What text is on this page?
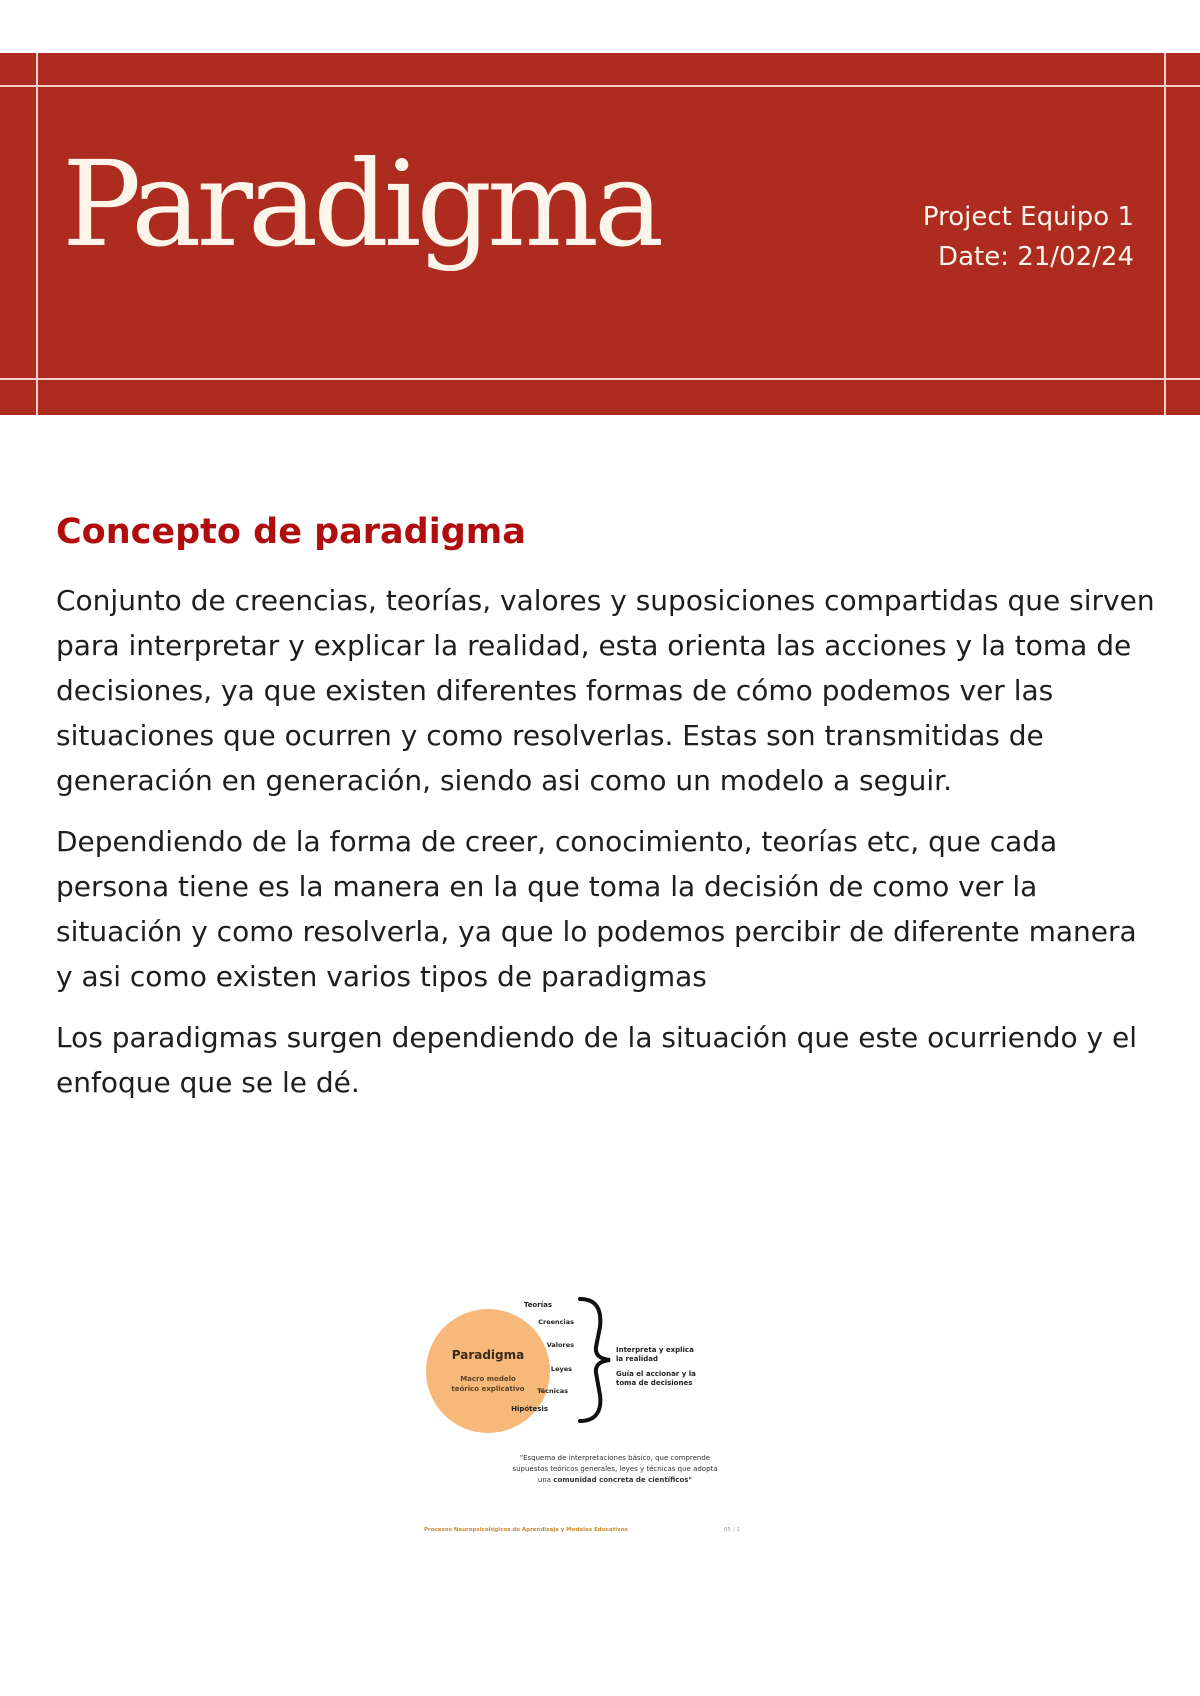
Paradigma	Project Equipo 1
Date: 21/02/24
Concepto de paradigma

Conjunto de creencias, teorías, valores y suposiciones compartidas que sirven para interpretar y explicar la realidad, esta orienta las acciones y la toma de decisiones, ya que existen diferentes formas de cómo podemos ver las situaciones que ocurren y como resolverlas. Estas son transmitidas de generación en generación, siendo asi como un modelo a seguir.

Dependiendo de la forma de creer, conocimiento, teorías etc, que cada persona tiene es la manera en la que toma la decisión de como ver la situación y como resolverla, ya que lo podemos percibir de diferente manera y asi como existen varios tipos de paradigmas

Los paradigmas surgen dependiendo de la situación que este ocurriendo y el enfoque que se le dé.

Paradigma
Macro modelo
teórico explicativo
Teorías
Creencias
Valores
Leyes
Técnicas
Hipótesis
Interpreta y explica
la realidad
Guía el accionar y la
toma de decisiones
"Esquema de interpretaciones básico, que comprende
supuestos teóricos generales, leyes y técnicas que adopta
una comunidad concreta de científicos"
Procesos Neuropsicológicos de Aprendizaje y Modelos Educativos	05 / 1
